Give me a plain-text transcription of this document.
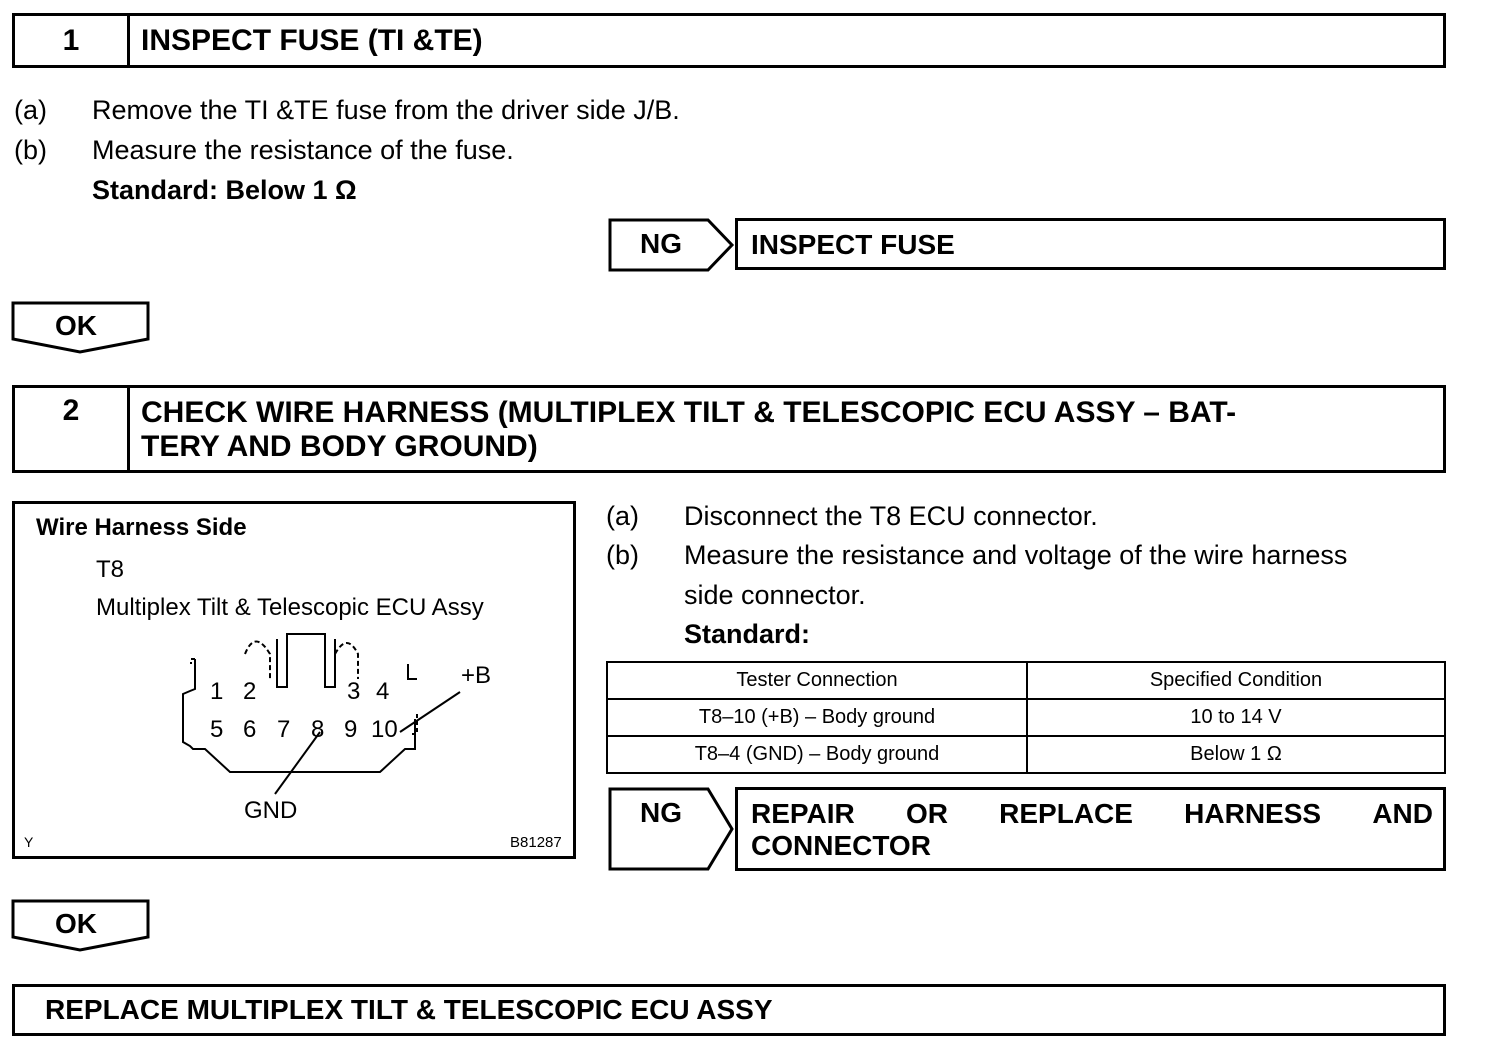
1	INSPECT FUSE (TI &TE)
(a) Remove the TI &TE fuse from the driver side J/B.
(b) Measure the resistance of the fuse.
Standard: Below 1 Ω
NG INSPECT FUSE
OK
2 CHECK WIRE HARNESS (MULTIPLEX TILT & TELESCOPIC ECU ASSY – BAT-
TERY AND BODY GROUND)
Wire Harness Side
T8
Multiplex Tilt & Telescopic ECU Assy
1 2	3 4
5 6 7 8 9 10
+B
GND
Y	B81287
(a) Disconnect the T8 ECU connector.
(b) Measure the resistance and voltage of the wire harness
side connector.
Standard:
Tester Connection	Specified Condition
T8–10 (+B) – Body ground	10 to 14 V
T8–4 (GND) – Body ground	Below 1 Ω
NG REPAIR OR REPLACE HARNESS AND
CONNECTOR
OK
REPLACE MULTIPLEX TILT & TELESCOPIC ECU ASSY
